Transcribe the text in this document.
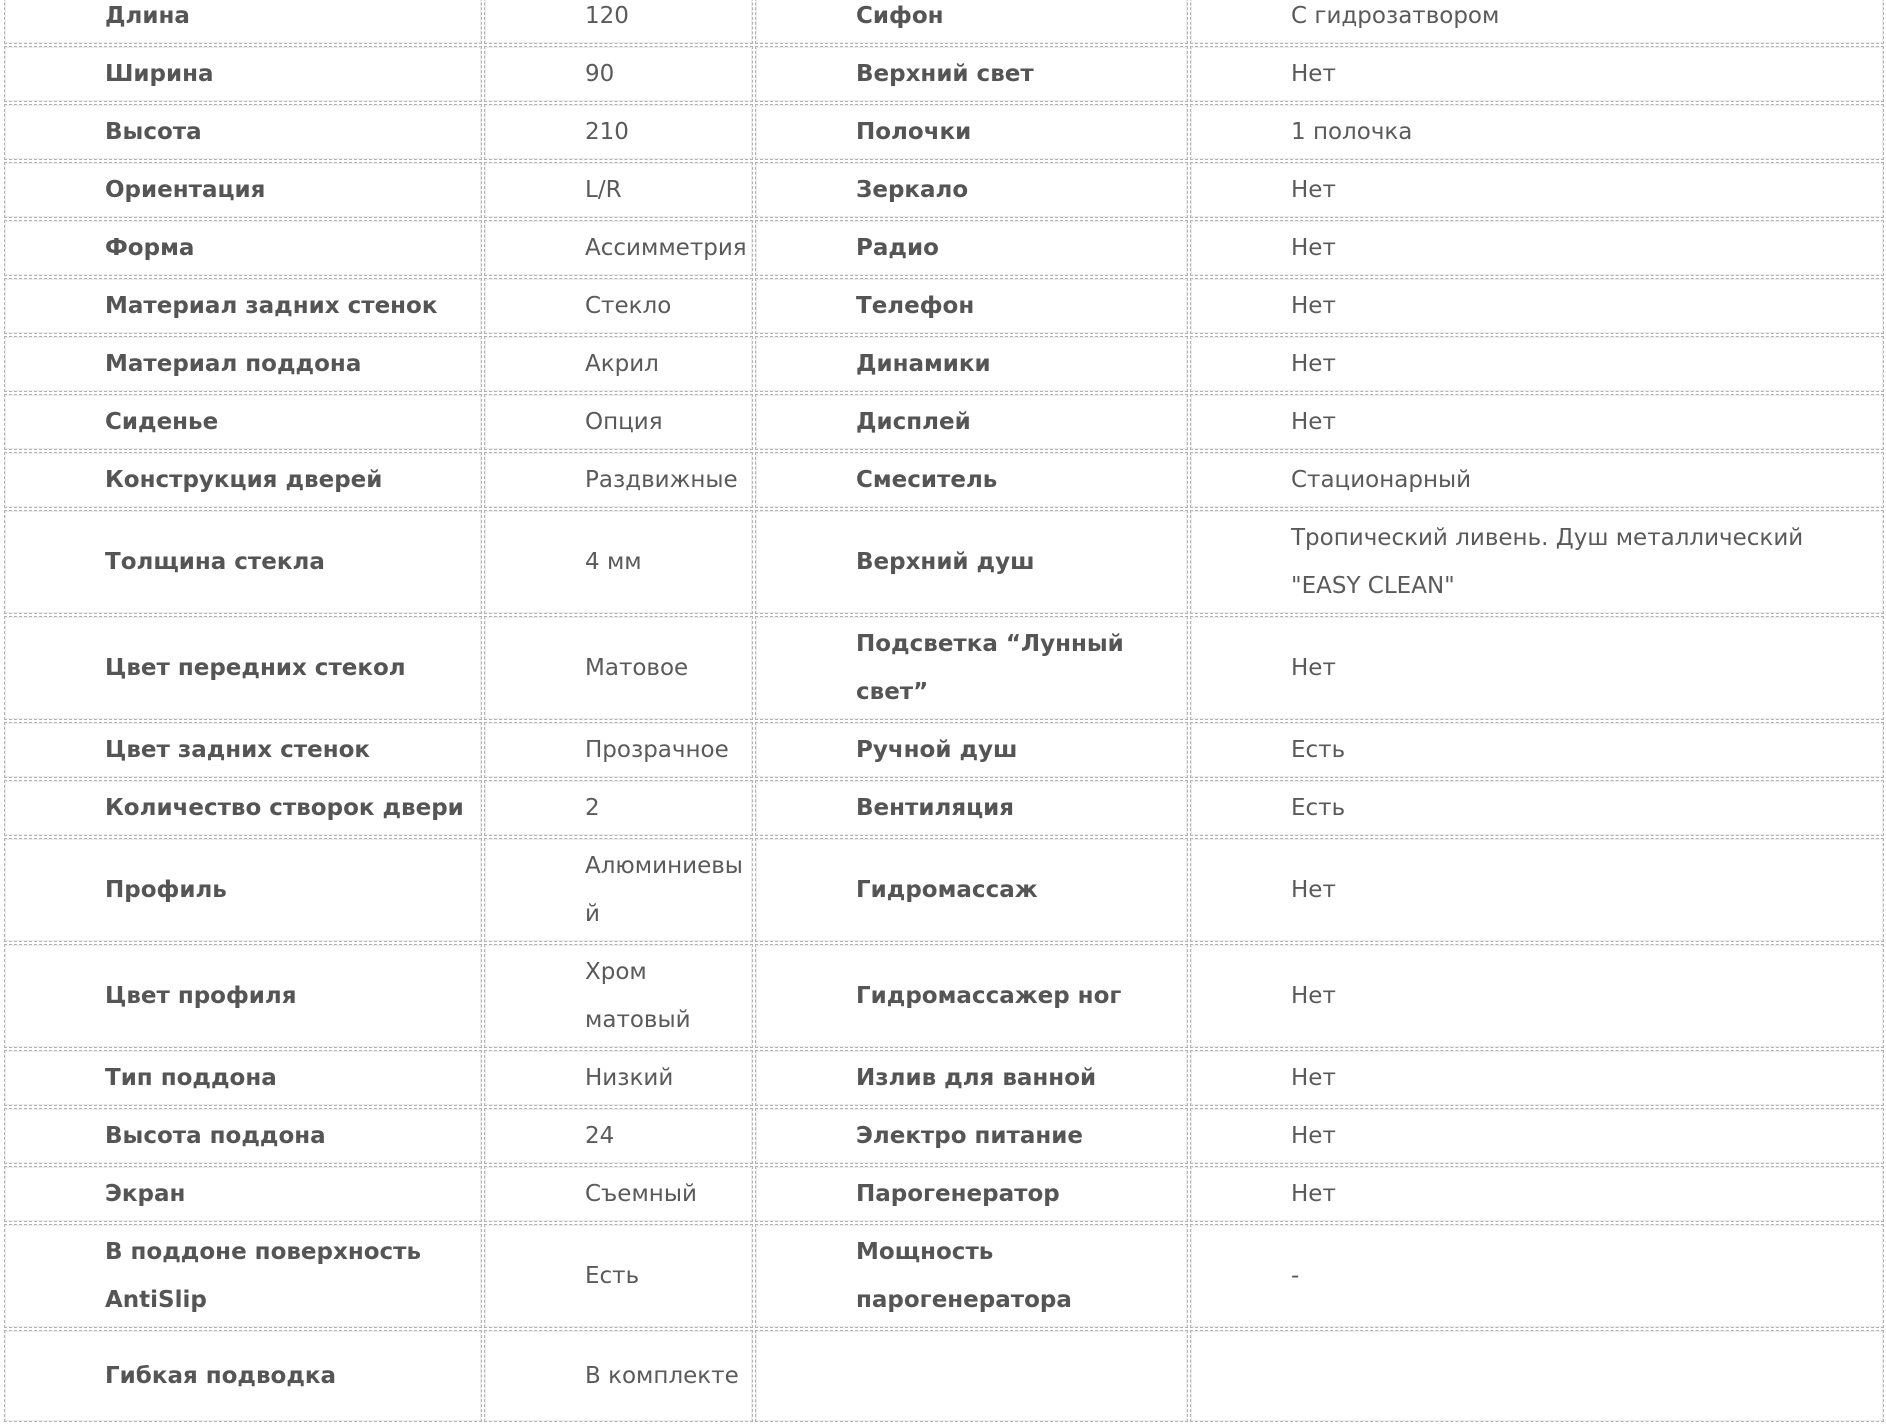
Длина	120	Сифон	С гидрозатвором
Ширина	90	Верхний свет	Нет
Высота	210	Полочки	1 полочка
Ориентация	L/R	Зеркало	Нет
Форма	Ассимметрия	Радио	Нет
Материал задних стенок	Стекло	Телефон	Нет
Материал поддона	Акрил	Динамики	Нет
Сиденье	Опция	Дисплей	Нет
Конструкция дверей	Раздвижные	Смеситель	Стационарный
Толщина стекла	4 мм	Верхний душ	Тропический ливень. Душ металлический "EASY CLEAN"
Цвет передних стекол	Матовое	Подсветка “Лунный свет”	Нет
Цвет задних стенок	Прозрачное	Ручной душ	Есть
Количество створок двери	2	Вентиляция	Есть
Профиль	Алюминиевый	Гидромассаж	Нет
Цвет профиля	Хром матовый	Гидромассажер ног	Нет
Тип поддона	Низкий	Излив для ванной	Нет
Высота поддона	24	Электро питание	Нет
Экран	Съемный	Парогенератор	Нет
В поддоне поверхность AntiSlip	Есть	Мощность парогенератора	-
Гибкая подводка	В комплекте		
